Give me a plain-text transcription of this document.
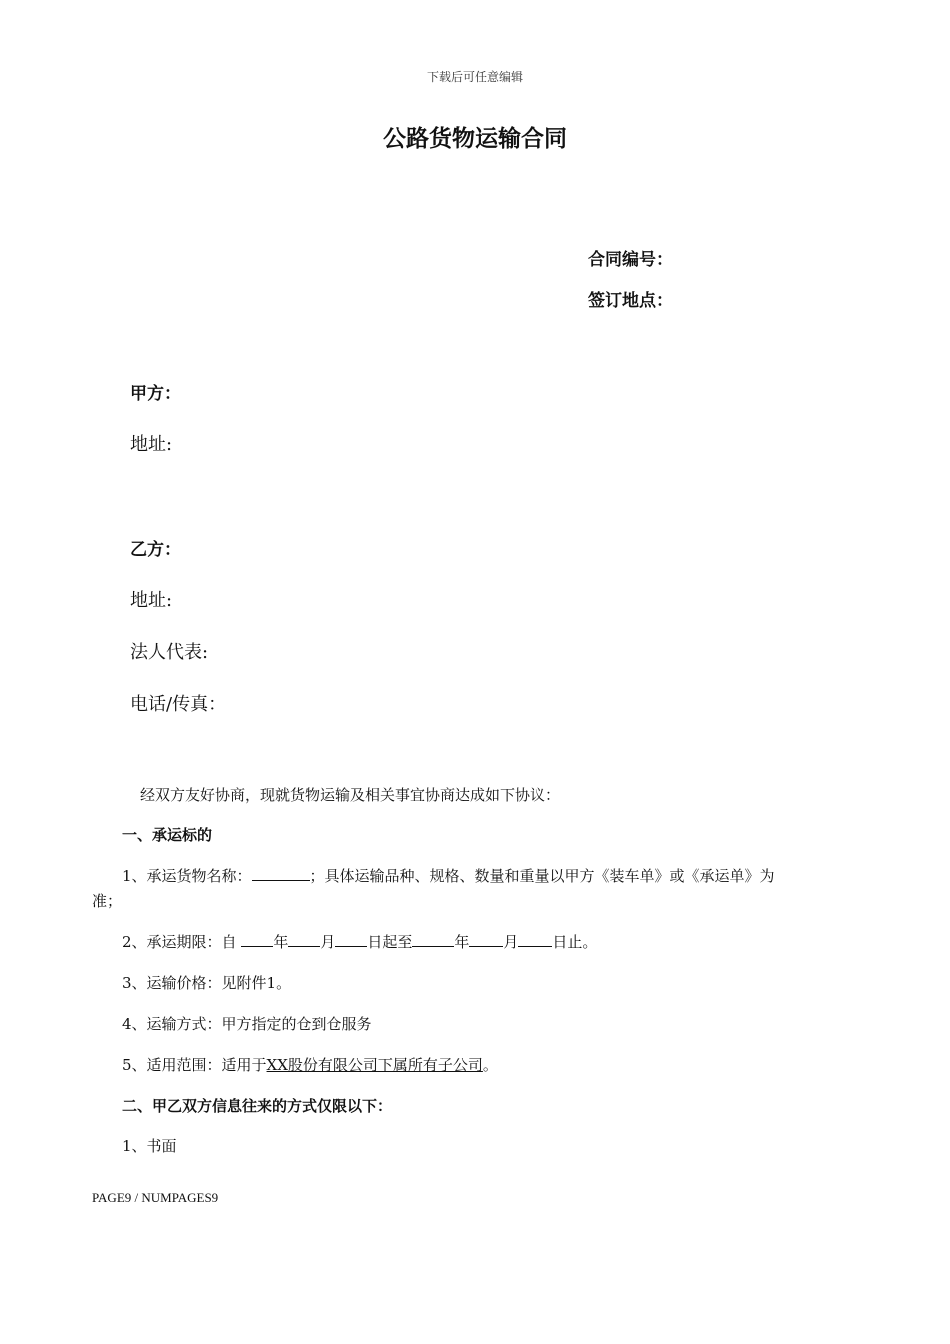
下载后可任意编辑
公路货物运输合同
合同编号：
签订地点：
甲方：
地址:
乙方：
地址:
法人代表:
电话/传真：
经双方友好协商，现就货物运输及相关事宜协商达成如下协议：
一、承运标的
1、承运货物名称：	；具体运输品种、规格、数量和重量以甲方《装车单》或《承运单》为
准；
2、承运期限：自 年 月 日起至	年 月 日止。
3、运输价格：见附件1。
4、运输方式：甲方指定的仓到仓服务
5、适用范围：适用于XX股份有限公司下属所有子公司。
二、甲乙双方信息往来的方式仅限以下：
1、书面
PAGE9 / NUMPAGES9
